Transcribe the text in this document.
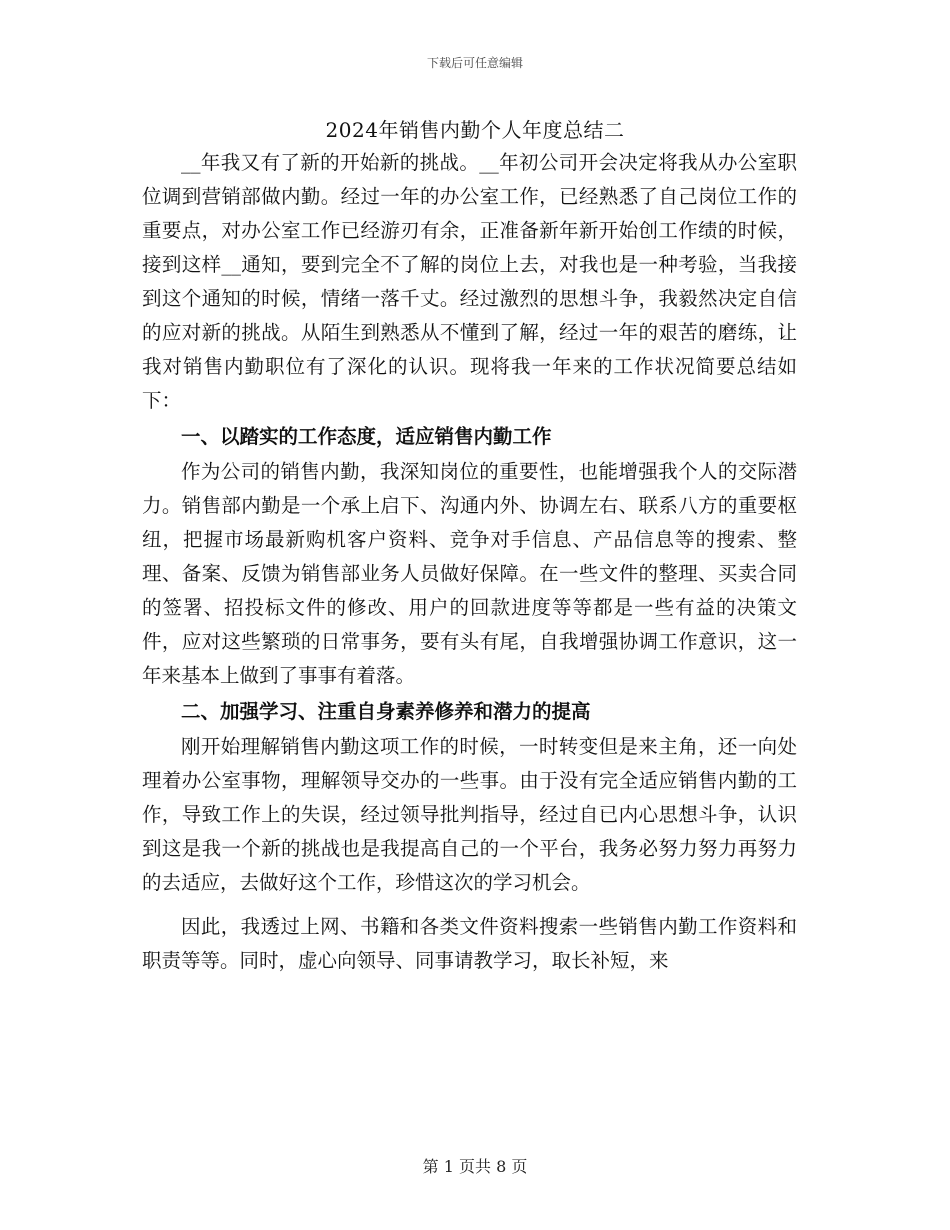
下载后可任意编辑
2024年销售内勤个人年度总结二

__年我又有了新的开始新的挑战。__年初公司开会决定将我从办公室职位调到营销部做内勤。经过一年的办公室工作，已经熟悉了自己岗位工作的重要点，对办公室工作已经游刃有余，正准备新年新开始创工作绩的时候，接到这样__通知，要到完全不了解的岗位上去，对我也是一种考验，当我接到这个通知的时候，情绪一落千丈。经过激烈的思想斗争，我毅然决定自信的应对新的挑战。从陌生到熟悉从不懂到了解，经过一年的艰苦的磨练，让我对销售内勤职位有了深化的认识。现将我一年来的工作状况简要总结如下：

一、以踏实的工作态度，适应销售内勤工作

作为公司的销售内勤，我深知岗位的重要性，也能增强我个人的交际潜力。销售部内勤是一个承上启下、沟通内外、协调左右、联系八方的重要枢纽，把握市场最新购机客户资料、竞争对手信息、产品信息等的搜索、整理、备案、反馈为销售部业务人员做好保障。在一些文件的整理、买卖合同的签署、招投标文件的修改、用户的回款进度等等都是一些有益的决策文件，应对这些繁琐的日常事务，要有头有尾，自我增强协调工作意识，这一年来基本上做到了事事有着落。

二、加强学习、注重自身素养修养和潜力的提高

刚开始理解销售内勤这项工作的时候，一时转变但是来主角，还一向处理着办公室事物，理解领导交办的一些事。由于没有完全适应销售内勤的工作，导致工作上的失误，经过领导批判指导，经过自已内心思想斗争，认识到这是我一个新的挑战也是我提高自己的一个平台，我务必努力努力再努力的去适应，去做好这个工作，珍惜这次的学习机会。

因此，我透过上网、书籍和各类文件资料搜索一些销售内勤工作资料和职责等等。同时，虚心向领导、同事请教学习，取长补短，来

第 1 页共 8 页
